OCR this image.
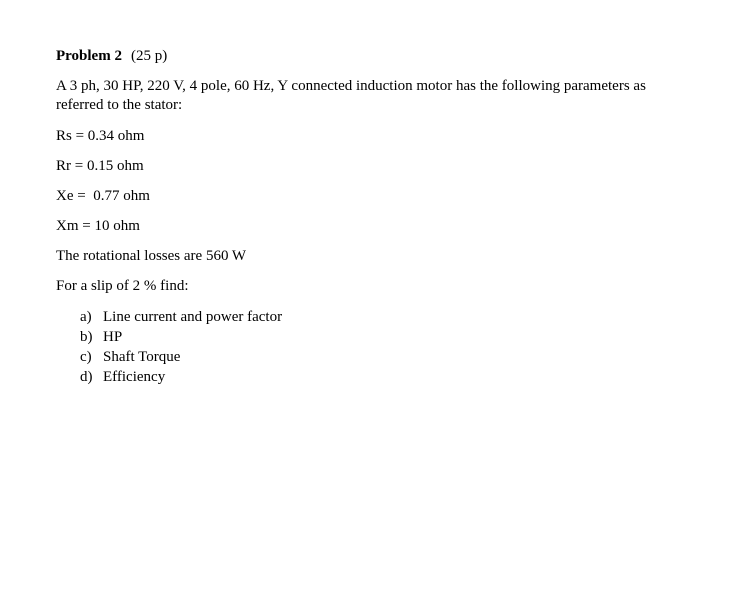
Problem 2 (25 p)

A 3 ph, 30 HP, 220 V, 4 pole, 60 Hz, Y connected induction motor has the following parameters as referred to the stator:

Rs = 0.34 ohm

Rr = 0.15 ohm

Xe =  0.77 ohm

Xm = 10 ohm

The rotational losses are 560 W

For a slip of 2 % find:

a) Line current and power factor
b) HP
c) Shaft Torque
d) Efficiency
